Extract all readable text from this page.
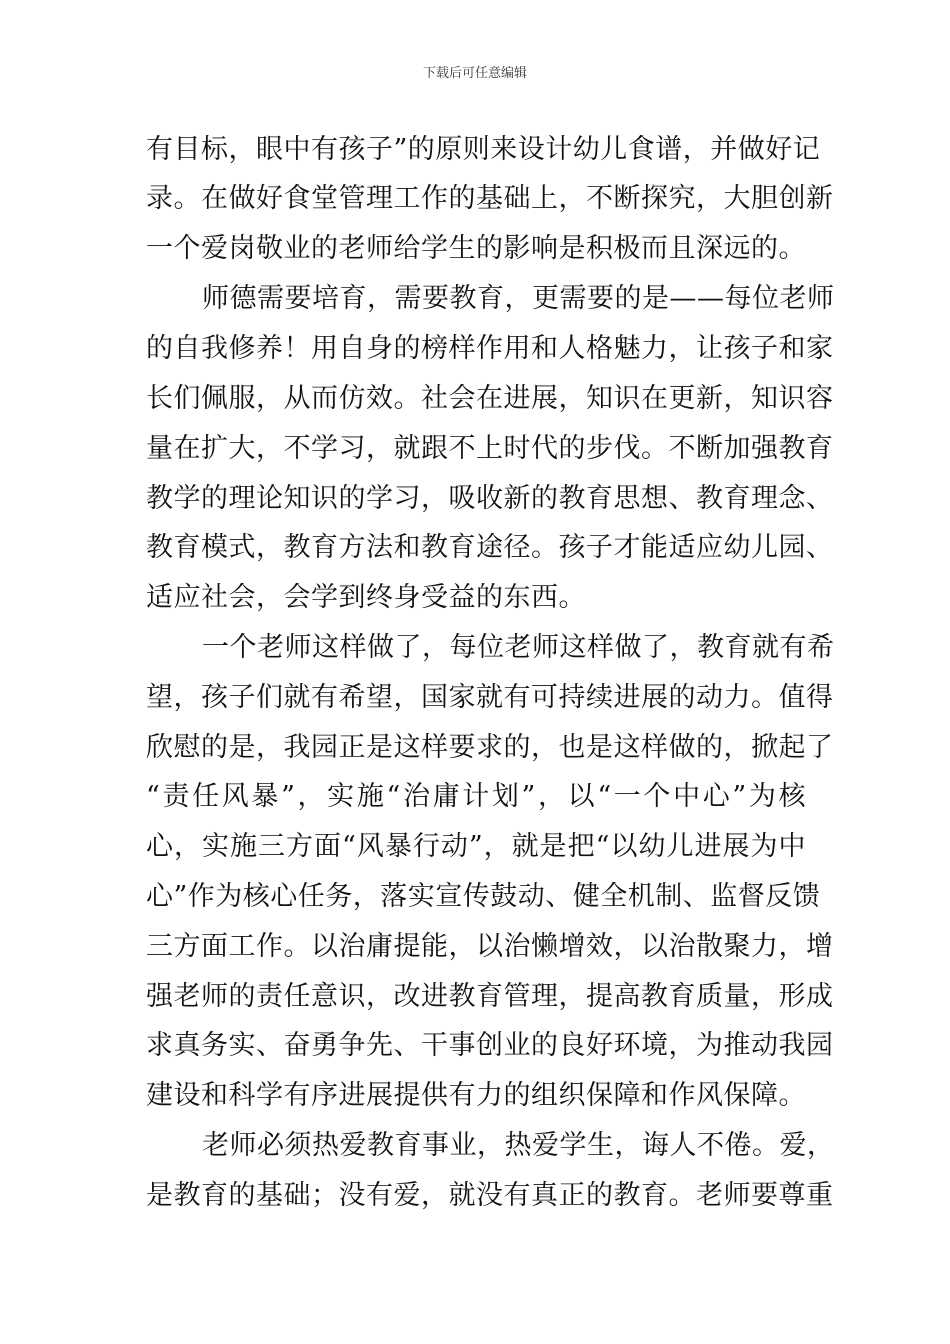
下载后可任意编辑
有目标，眼中有孩子”的原则来设计幼儿食谱，并做好记
录。在做好食堂管理工作的基础上，不断探究，大胆创新
一个爱岗敬业的老师给学生的影响是积极而且深远的。
师德需要培育，需要教育，更需要的是——每位老师
的自我修养！用自身的榜样作用和人格魅力，让孩子和家
长们佩服，从而仿效。社会在进展，知识在更新，知识容
量在扩大，不学习，就跟不上时代的步伐。不断加强教育
教学的理论知识的学习，吸收新的教育思想、教育理念、
教育模式，教育方法和教育途径。孩子才能适应幼儿园、
适应社会，会学到终身受益的东西。
一个老师这样做了，每位老师这样做了，教育就有希
望，孩子们就有希望，国家就有可持续进展的动力。值得
欣慰的是，我园正是这样要求的，也是这样做的，掀起了
“责任风暴”，实施“治庸计划”，以“一个中心”为核
心，实施三方面“风暴行动”，就是把“以幼儿进展为中
心”作为核心任务，落实宣传鼓动、健全机制、监督反馈
三方面工作。以治庸提能，以治懒增效，以治散聚力，增
强老师的责任意识，改进教育管理，提高教育质量，形成
求真务实、奋勇争先、干事创业的良好环境，为推动我园
建设和科学有序进展提供有力的组织保障和作风保障。
老师必须热爱教育事业，热爱学生，诲人不倦。爱，
是教育的基础；没有爱，就没有真正的教育。老师要尊重
